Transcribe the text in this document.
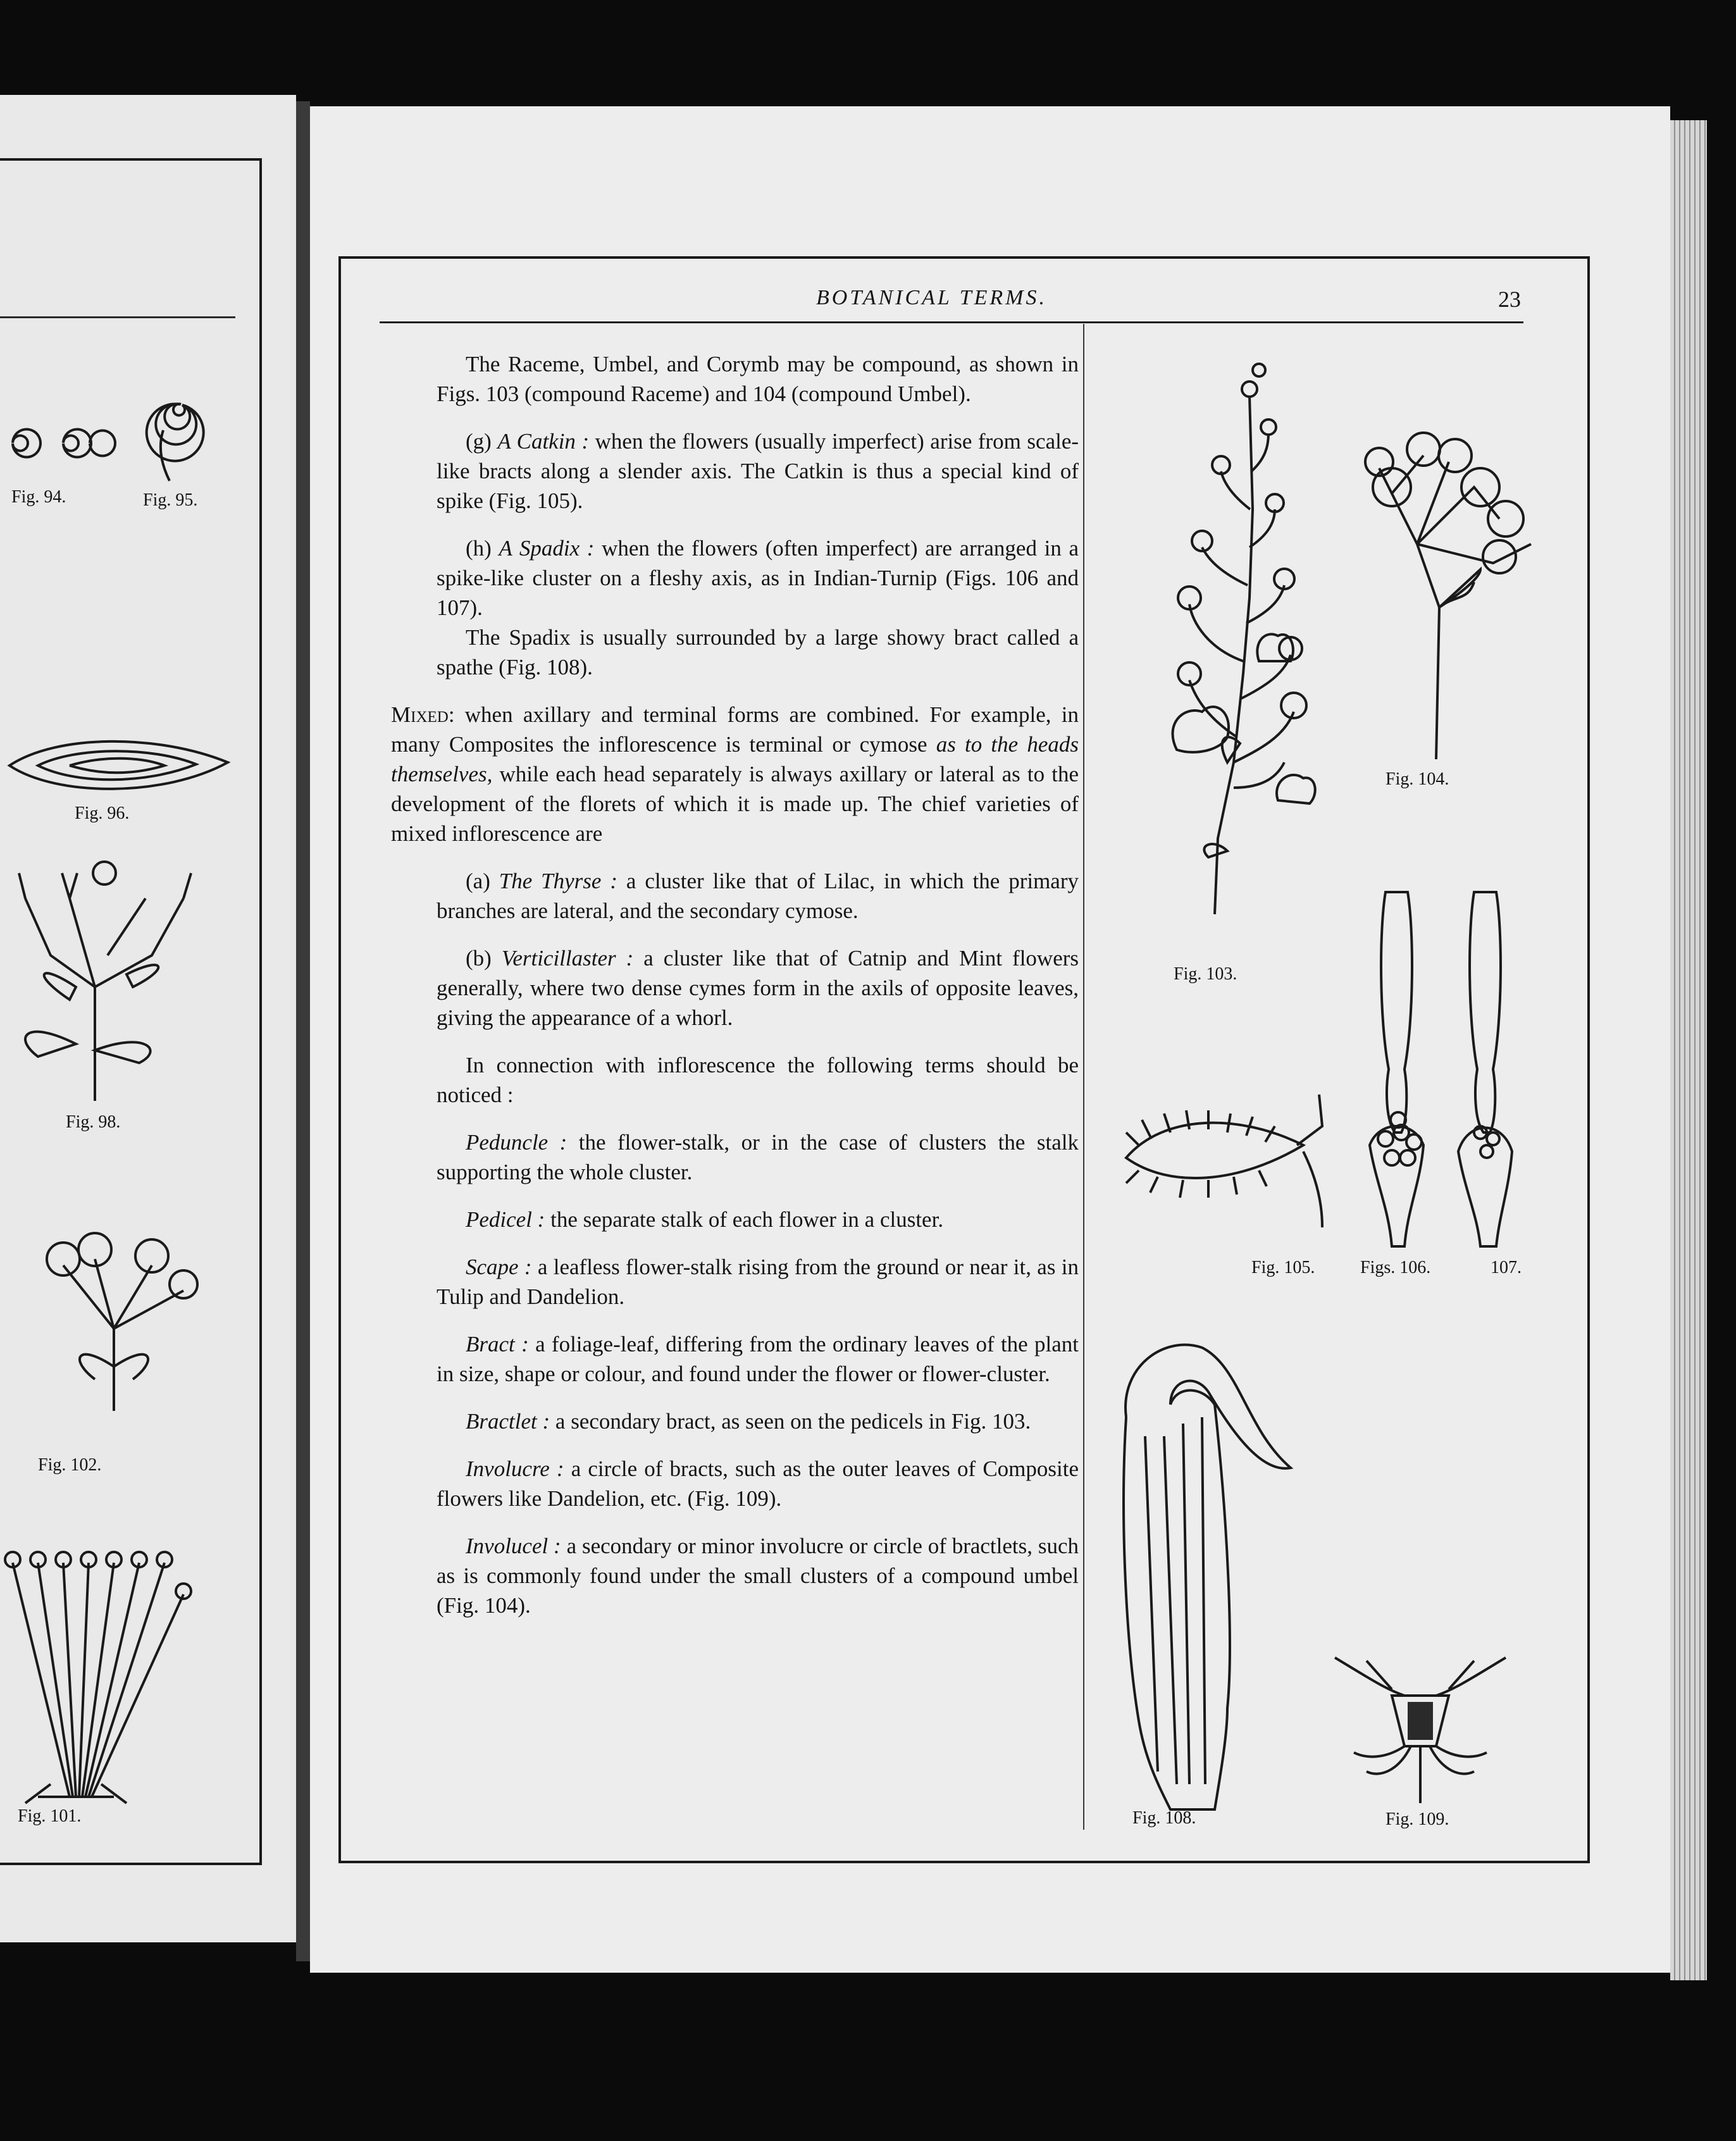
Fig. 94.	Fig. 95.
Fig. 96.
Fig. 98.
Fig. 102.
Fig. 101.
BOTANICAL TERMS.	23

The Raceme, Umbel, and Corymb may be compound, as shown in Figs. 103 (compound Raceme) and 104 (compound Umbel).

(g) A Catkin : when the flowers (usually imperfect) arise from scale-like bracts along a slender axis. The Catkin is thus a special kind of spike (Fig. 105).

(h) A Spadix : when the flowers (often imperfect) are arranged in a spike-like cluster on a fleshy axis, as in Indian-Turnip (Figs. 106 and 107).

The Spadix is usually surrounded by a large showy bract called a spathe (Fig. 108).

Mixed: when axillary and terminal forms are combined. For example, in many Composites the inflorescence is terminal or cymose as to the heads themselves, while each head separately is always axillary or lateral as to the development of the florets of which it is made up. The chief varieties of mixed inflorescence are

(a) The Thyrse : a cluster like that of Lilac, in which the primary branches are lateral, and the secondary cymose.

(b) Verticillaster : a cluster like that of Catnip and Mint flowers generally, where two dense cymes form in the axils of opposite leaves, giving the appearance of a whorl.

In connection with inflorescence the following terms should be noticed :

Peduncle : the flower-stalk, or in the case of clusters the stalk supporting the whole cluster.

Pedicel : the separate stalk of each flower in a cluster.

Scape : a leafless flower-stalk rising from the ground or near it, as in Tulip and Dandelion.

Bract : a foliage-leaf, differing from the ordinary leaves of the plant in size, shape or colour, and found under the flower or flower-cluster.

Bractlet : a secondary bract, as seen on the pedicels in Fig. 103.

Involucre : a circle of bracts, such as the outer leaves of Composite flowers like Dandelion, etc. (Fig. 109).

Involucel : a secondary or minor involucre or circle of bractlets, such as is commonly found under the small clusters of a compound umbel (Fig. 104).

Fig. 103.
Fig. 104.
Fig. 105.	Figs. 106.	107.
Fig. 108.	Fig. 109.
